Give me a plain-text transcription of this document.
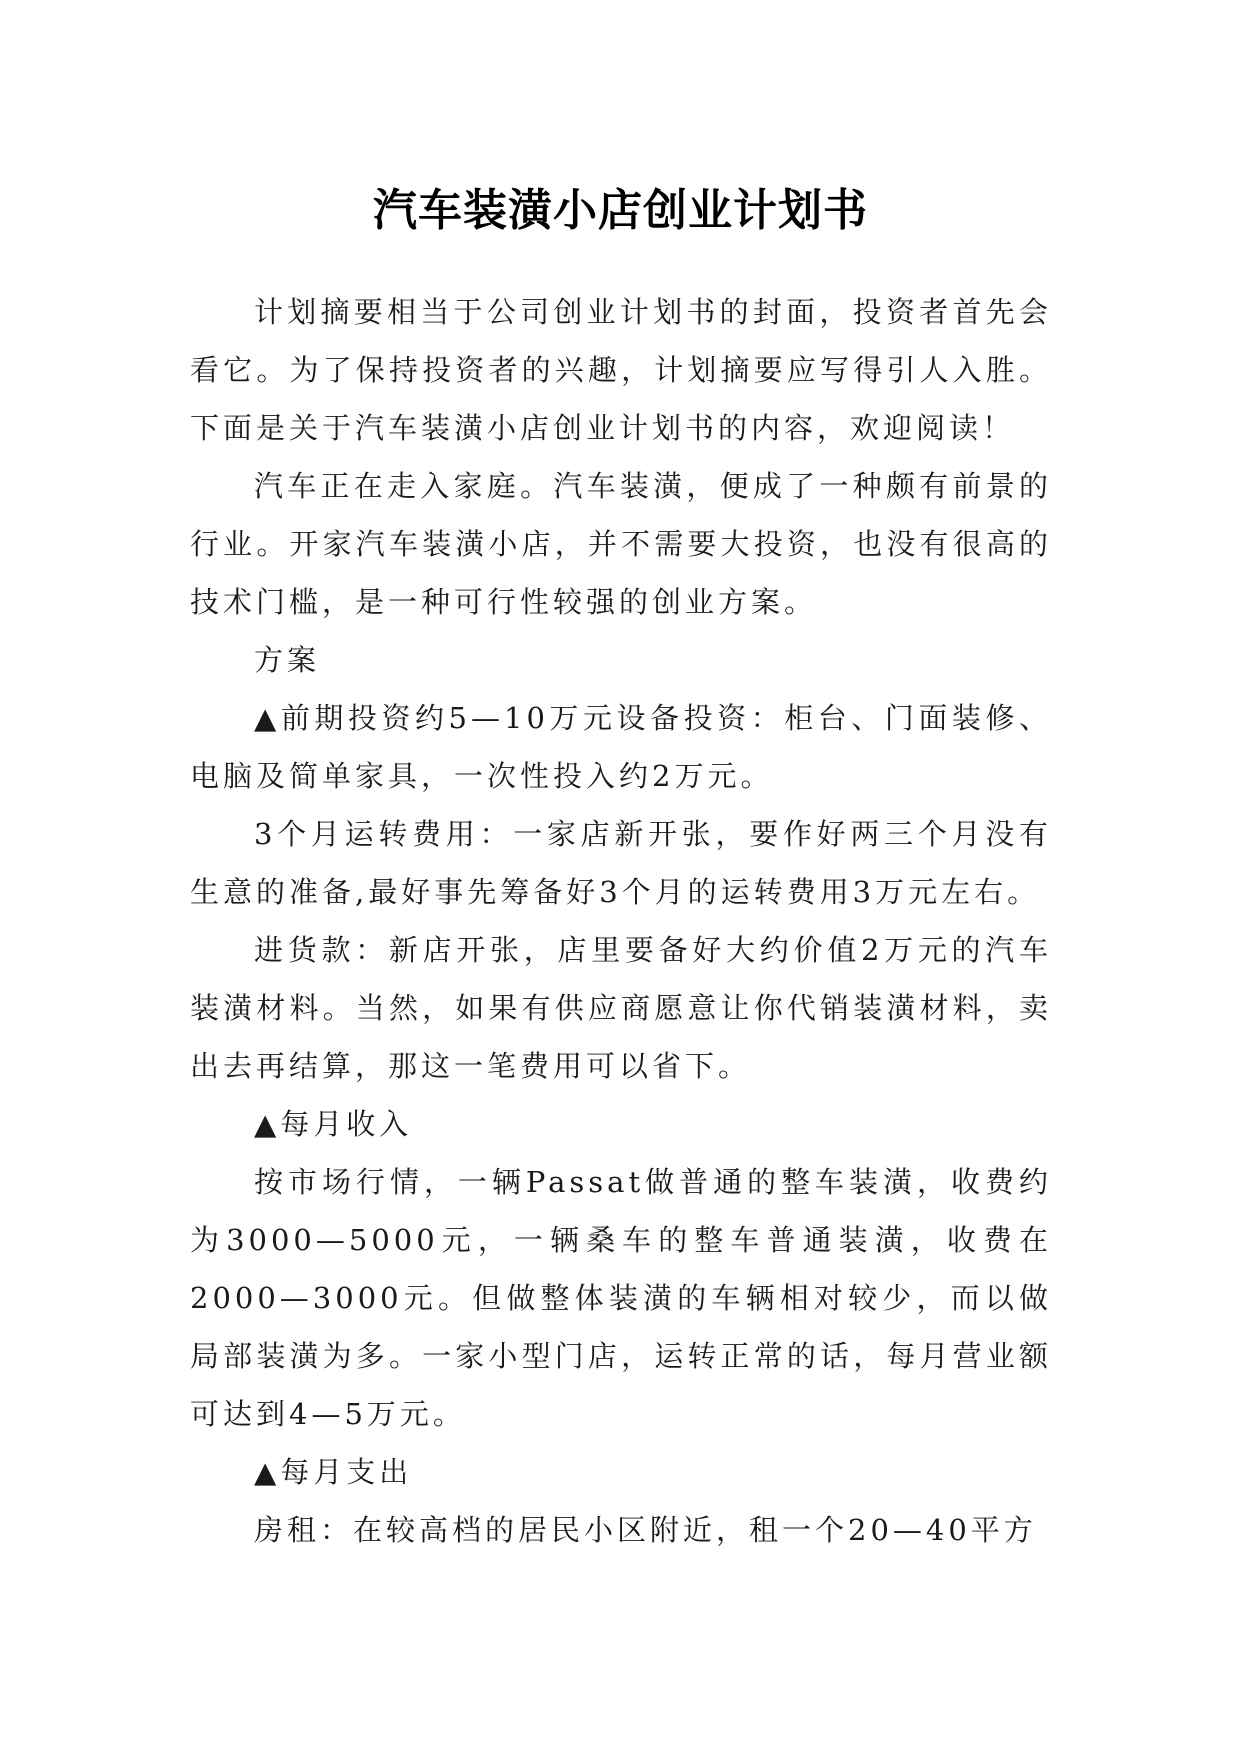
汽车装潢小店创业计划书

计划摘要相当于公司创业计划书的封面，投资者首先会看它。为了保持投资者的兴趣，计划摘要应写得引人入胜。下面是关于汽车装潢小店创业计划书的内容，欢迎阅读！

汽车正在走入家庭。汽车装潢，便成了一种颇有前景的行业。开家汽车装潢小店，并不需要大投资，也没有很高的技术门槛，是一种可行性较强的创业方案。

方案

▲前期投资约5—10万元设备投资：柜台、门面装修、电脑及简单家具，一次性投入约2万元。

3个月运转费用：一家店新开张，要作好两三个月没有生意的准备,最好事先筹备好3个月的运转费用3万元左右。

进货款：新店开张，店里要备好大约价值2万元的汽车装潢材料。当然，如果有供应商愿意让你代销装潢材料，卖出去再结算，那这一笔费用可以省下。

▲每月收入

按市场行情，一辆Passat做普通的整车装潢，收费约为3000—5000元，一辆桑车的整车普通装潢，收费在2000—3000元。但做整体装潢的车辆相对较少，而以做局部装潢为多。一家小型门店，运转正常的话，每月营业额可达到4—5万元。

▲每月支出

房租：在较高档的居民小区附近，租一个20—40平方
